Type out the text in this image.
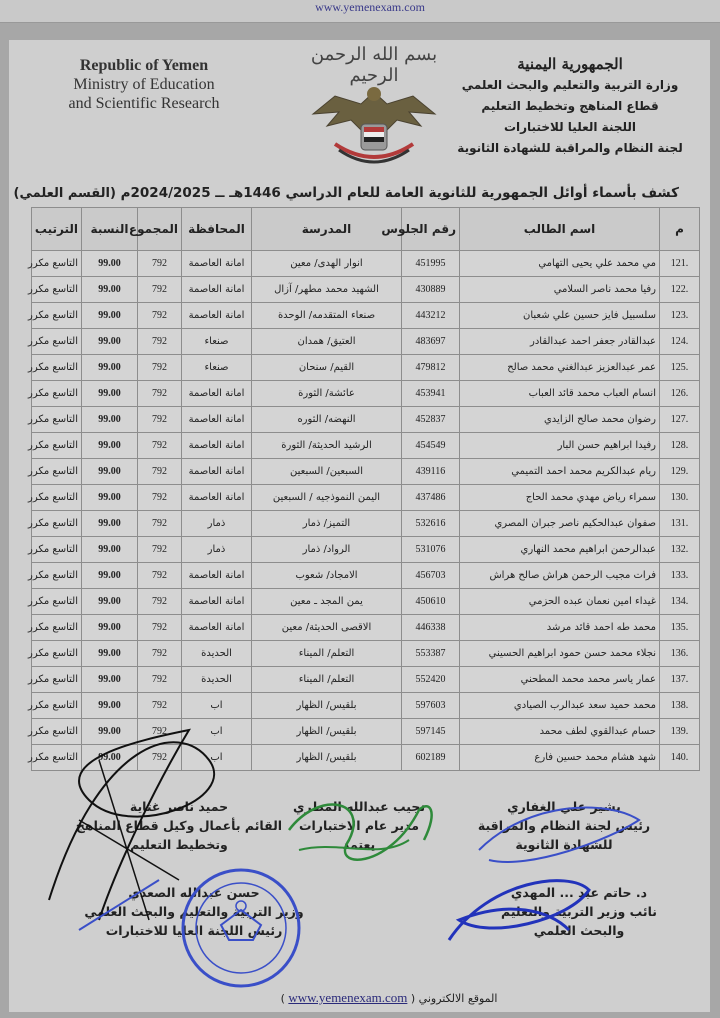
www.yemenexam.com
Republic of Yemen
Ministry of Education
and Scientific Research
بسم الله الرحمن الرحيم
الجمهورية اليمنية
وزارة التربية والتعليم والبحث العلمي
قطاع المناهج وتخطيط التعليم
اللجنة العليا للاختبارات
لجنة النظام والمراقبة للشهادة الثانوية
كشف بأسماء أوائل الجمهورية للثانوية العامة للعام الدراسي 1446هـ ــ 2024/2025م (القسم العلمي)
م	اسم الطالب	رقم الجلوس	المدرسة	المحافظة	المجموع	النسبة	الترتيب
.121	مي محمد علي يحيى التهامي	451995	انوار الهدى/ معين	امانة العاصمة	792	99.00	التاسع مكرر
.122	رفيا محمد ناصر السلامي	430889	الشهيد محمد مطهر/ آزال	امانة العاصمة	792	99.00	التاسع مكرر
.123	سلسبيل فايز حسين علي شعبان	443212	صنعاء المتقدمه/ الوحدة	امانة العاصمة	792	99.00	التاسع مكرر
.124	عبدالقادر جعفر احمد عبدالقادر	483697	العتيق/ همدان	صنعاء	792	99.00	التاسع مكرر
.125	عمر عبدالعزيز عبدالغني محمد صالح	479812	القيم/ سنحان	صنعاء	792	99.00	التاسع مكرر
.126	انسام العباب محمد قائد العباب	453941	عائشة/ الثورة	امانة العاصمة	792	99.00	التاسع مكرر
.127	رضوان محمد صالح الزايدي	452837	النهضه/ الثوره	امانة العاصمة	792	99.00	التاسع مكرر
.128	رفيدا ابراهيم حسن البار	454549	الرشيد الحديثة/ الثورة	امانة العاصمة	792	99.00	التاسع مكرر
.129	ريام عبدالكريم محمد احمد التميمي	439116	السبعين/ السبعين	امانة العاصمة	792	99.00	التاسع مكرر
.130	سمراء رياض مهدي محمد الحاج	437486	اليمن النموذجيه / السبعين	امانة العاصمة	792	99.00	التاسع مكرر
.131	صفوان عبدالحكيم ناصر جبران المصري	532616	التميز/ ذمار	ذمار	792	99.00	التاسع مكرر
.132	عبدالرحمن ابراهيم محمد النهاري	531076	الرواد/ ذمار	ذمار	792	99.00	التاسع مكرر
.133	فرات مجيب الرحمن هراش صالح هراش	456703	الامجاد/ شعوب	امانة العاصمة	792	99.00	التاسع مكرر
.134	غيداء امين نعمان عبده الحزمي	450610	يمن المجد ـ معين	امانة العاصمة	792	99.00	التاسع مكرر
.135	محمد طه احمد قائد مرشد	446338	الاقصى الحديثة/ معين	امانة العاصمة	792	99.00	التاسع مكرر
.136	نجلاء محمد حسن حمود ابراهيم الحسيني	553387	التعلم/ الميناء	الحديدة	792	99.00	التاسع مكرر
.137	عمار ياسر محمد محمد المطحني	552420	التعلم/ الميناء	الحديدة	792	99.00	التاسع مكرر
.138	محمد حميد سعد عبدالرب الصيادي	597603	بلقيس/ الظهار	اب	792	99.00	التاسع مكرر
.139	حسام عبدالقوي لطف محمد	597145	بلقيس/ الظهار	اب	792	99.00	التاسع مكرر
.140	شهد هشام محمد حسين فارع	602189	بلقيس/ الظهار	اب	792	99.00	التاسع مكرر
بشير علي الغفاري
رئيس لجنة النظام والمراقبة
للشهادة الثانوية
نجيب عبدالله المطري
مدير عام الاختبارات
يعتمد
حميد ناصر غثاية
القائم بأعمال وكيل قطاع المناهج
وتخطيط التعليم
د. حاتم عبد ... المهدي
نائب وزير التربية والتعليم
والبحث العلمي
حسن عبدالله الصعدي
وزير التربية والتعليم والبحث العلمي
رئيس اللجنة العليا للاختبارات
الموقع الالكتروني ( www.yemenexam.com )
